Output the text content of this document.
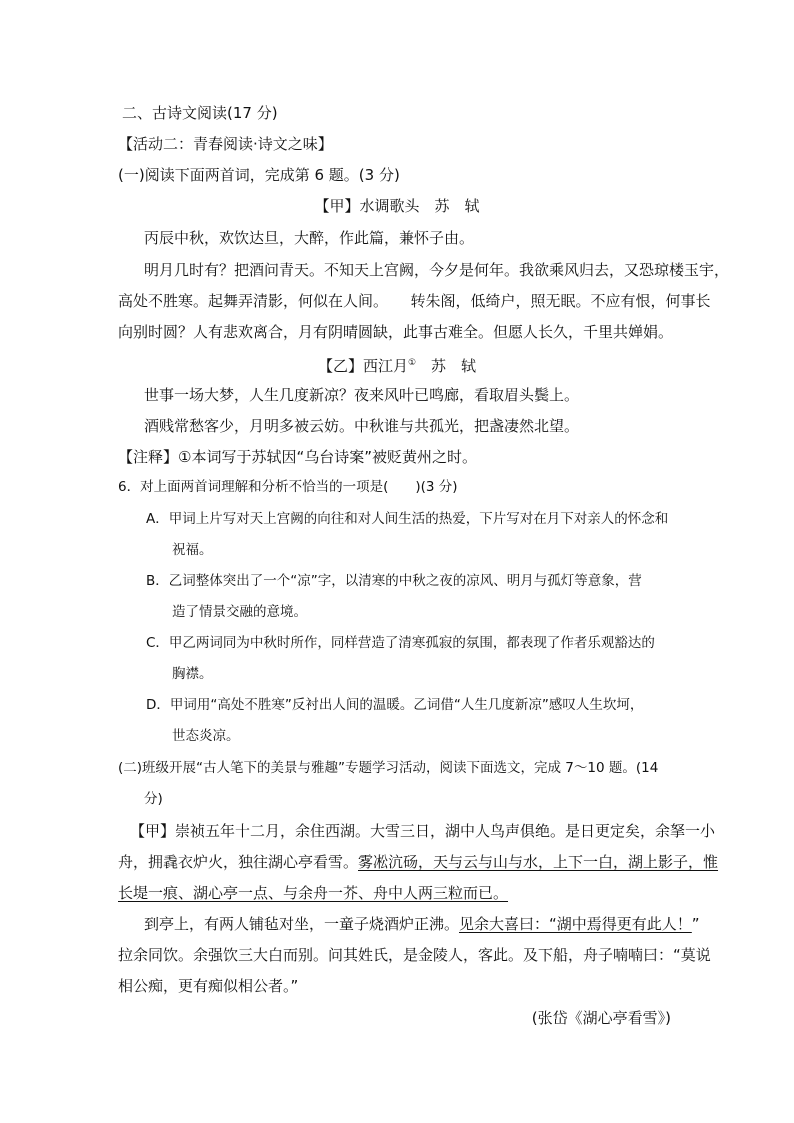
二、古诗文阅读(17 分)
【活动二：青春阅读·诗文之味】
(一)阅读下面两首词，完成第 6 题。(3 分)
【甲】水调歌头　苏　轼
丙辰中秋，欢饮达旦，大醉，作此篇，兼怀子由。
明月几时有？把酒问青天。不知天上宫阙，今夕是何年。我欲乘风归去，又恐琼楼玉宇，
高处不胜寒。起舞弄清影，何似在人间。　　转朱阁，低绮户，照无眠。不应有恨，何事长
向别时圆？人有悲欢离合，月有阴晴圆缺，此事古难全。但愿人长久，千里共婵娟。
【乙】西江月①　苏　轼
世事一场大梦，人生几度新凉？夜来风叶已鸣廊，看取眉头鬓上。
酒贱常愁客少，月明多被云妨。中秋谁与共孤光，把盏凄然北望。
【注释】①本词写于苏轼因“乌台诗案”被贬黄州之时。
6．对上面两首词理解和分析不恰当的一项是(　　)(3 分)
A．甲词上片写对天上宫阙的向往和对人间生活的热爱，下片写对在月下对亲人的怀念和
祝福。
B．乙词整体突出了一个“凉”字，以清寒的中秋之夜的凉风、明月与孤灯等意象，营
造了情景交融的意境。
C．甲乙两词同为中秋时所作，同样营造了清寒孤寂的氛围，都表现了作者乐观豁达的
胸襟。
D．甲词用“高处不胜寒”反衬出人间的温暖。乙词借“人生几度新凉”感叹人生坎坷，
世态炎凉。
(二)班级开展“古人笔下的美景与雅趣”专题学习活动，阅读下面选文，完成 7～10 题。(14
分)
【甲】崇祯五年十二月，余住西湖。大雪三日，湖中人鸟声俱绝。是日更定矣，余拏一小
舟，拥毳衣炉火，独往湖心亭看雪。雾凇沆砀，天与云与山与水，上下一白，湖上影子，惟
长堤一痕、湖心亭一点、与余舟一芥、舟中人两三粒而已。
到亭上，有两人铺毡对坐，一童子烧酒炉正沸。见余大喜曰：“湖中焉得更有此人！”
拉余同饮。余强饮三大白而别。问其姓氏，是金陵人，客此。及下船，舟子喃喃曰：“莫说
相公痴，更有痴似相公者。”
(张岱《湖心亭看雪》)
